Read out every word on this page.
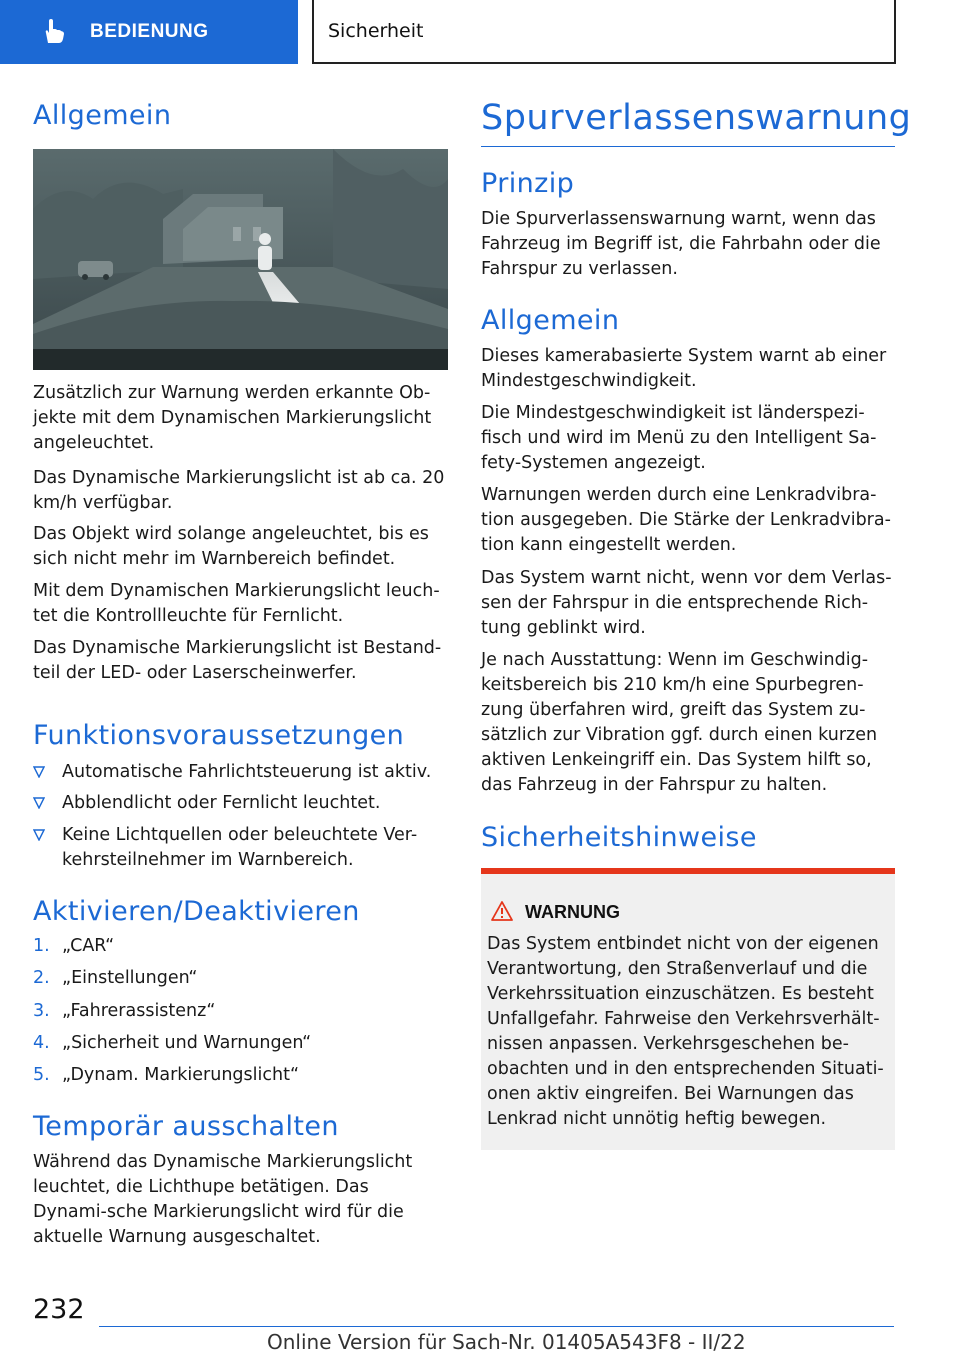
BEDIENUNG	Sicherheit
Allgemein

Zusätzlich zur Warnung werden erkannte Ob-jekte mit dem Dynamischen Markierungslicht angeleuchtet.

Das Dynamische Markierungslicht ist ab ca. 20 km/h verfügbar.

Das Objekt wird solange angeleuchtet, bis es sich nicht mehr im Warnbereich befindet.

Mit dem Dynamischen Markierungslicht leuch-tet die Kontrollleuchte für Fernlicht.

Das Dynamische Markierungslicht ist Bestand-teil der LED- oder Laserscheinwerfer.

Funktionsvoraussetzungen
Automatische Fahrlichtsteuerung ist aktiv.
Abblendlicht oder Fernlicht leuchtet.
Keine Lichtquellen oder beleuchtete Ver-kehrsteilnehmer im Warnbereich.
Aktivieren/Deaktivieren
1. „CAR“
2. „Einstellungen“
3. „Fahrerassistenz“
4. „Sicherheit und Warnungen“
5. „Dynam. Markierungslicht“
Temporär ausschalten

Während das Dynamische Markierungslicht leuchtet, die Lichthupe betätigen. Das Dynami-sche Markierungslicht wird für die aktuelle Warnung ausgeschaltet.

Spurverlassenswarnung
Prinzip

Die Spurverlassenswarnung warnt, wenn das Fahrzeug im Begriff ist, die Fahrbahn oder die Fahrspur zu verlassen.

Allgemein

Dieses kamerabasierte System warnt ab einer Mindestgeschwindigkeit.

Die Mindestgeschwindigkeit ist länderspezi-fisch und wird im Menü zu den Intelligent Sa-fety-Systemen angezeigt.

Warnungen werden durch eine Lenkradvibra-tion ausgegeben. Die Stärke der Lenkradvibra-tion kann eingestellt werden.

Das System warnt nicht, wenn vor dem Verlas-sen der Fahrspur in die entsprechende Rich-tung geblinkt wird.

Je nach Ausstattung: Wenn im Geschwindig-keitsbereich bis 210 km/h eine Spurbegren-zung überfahren wird, greift das System zu-sätzlich zur Vibration ggf. durch einen kurzen aktiven Lenkeingriff ein. Das System hilft so, das Fahrzeug in der Fahrspur zu halten.

Sicherheitshinweise
WARNUNG
Das System entbindet nicht von der eigenen Verantwortung, den Straßenverlauf und die Verkehrssituation einzuschätzen. Es besteht Unfallgefahr. Fahrweise den Verkehrsverhält-nissen anpassen. Verkehrsgeschehen be-obachten und in den entsprechenden Situati-onen aktiv eingreifen. Bei Warnungen das Lenkrad nicht unnötig heftig bewegen.
232
Online Version für Sach-Nr. 01405A543F8 - II/22
